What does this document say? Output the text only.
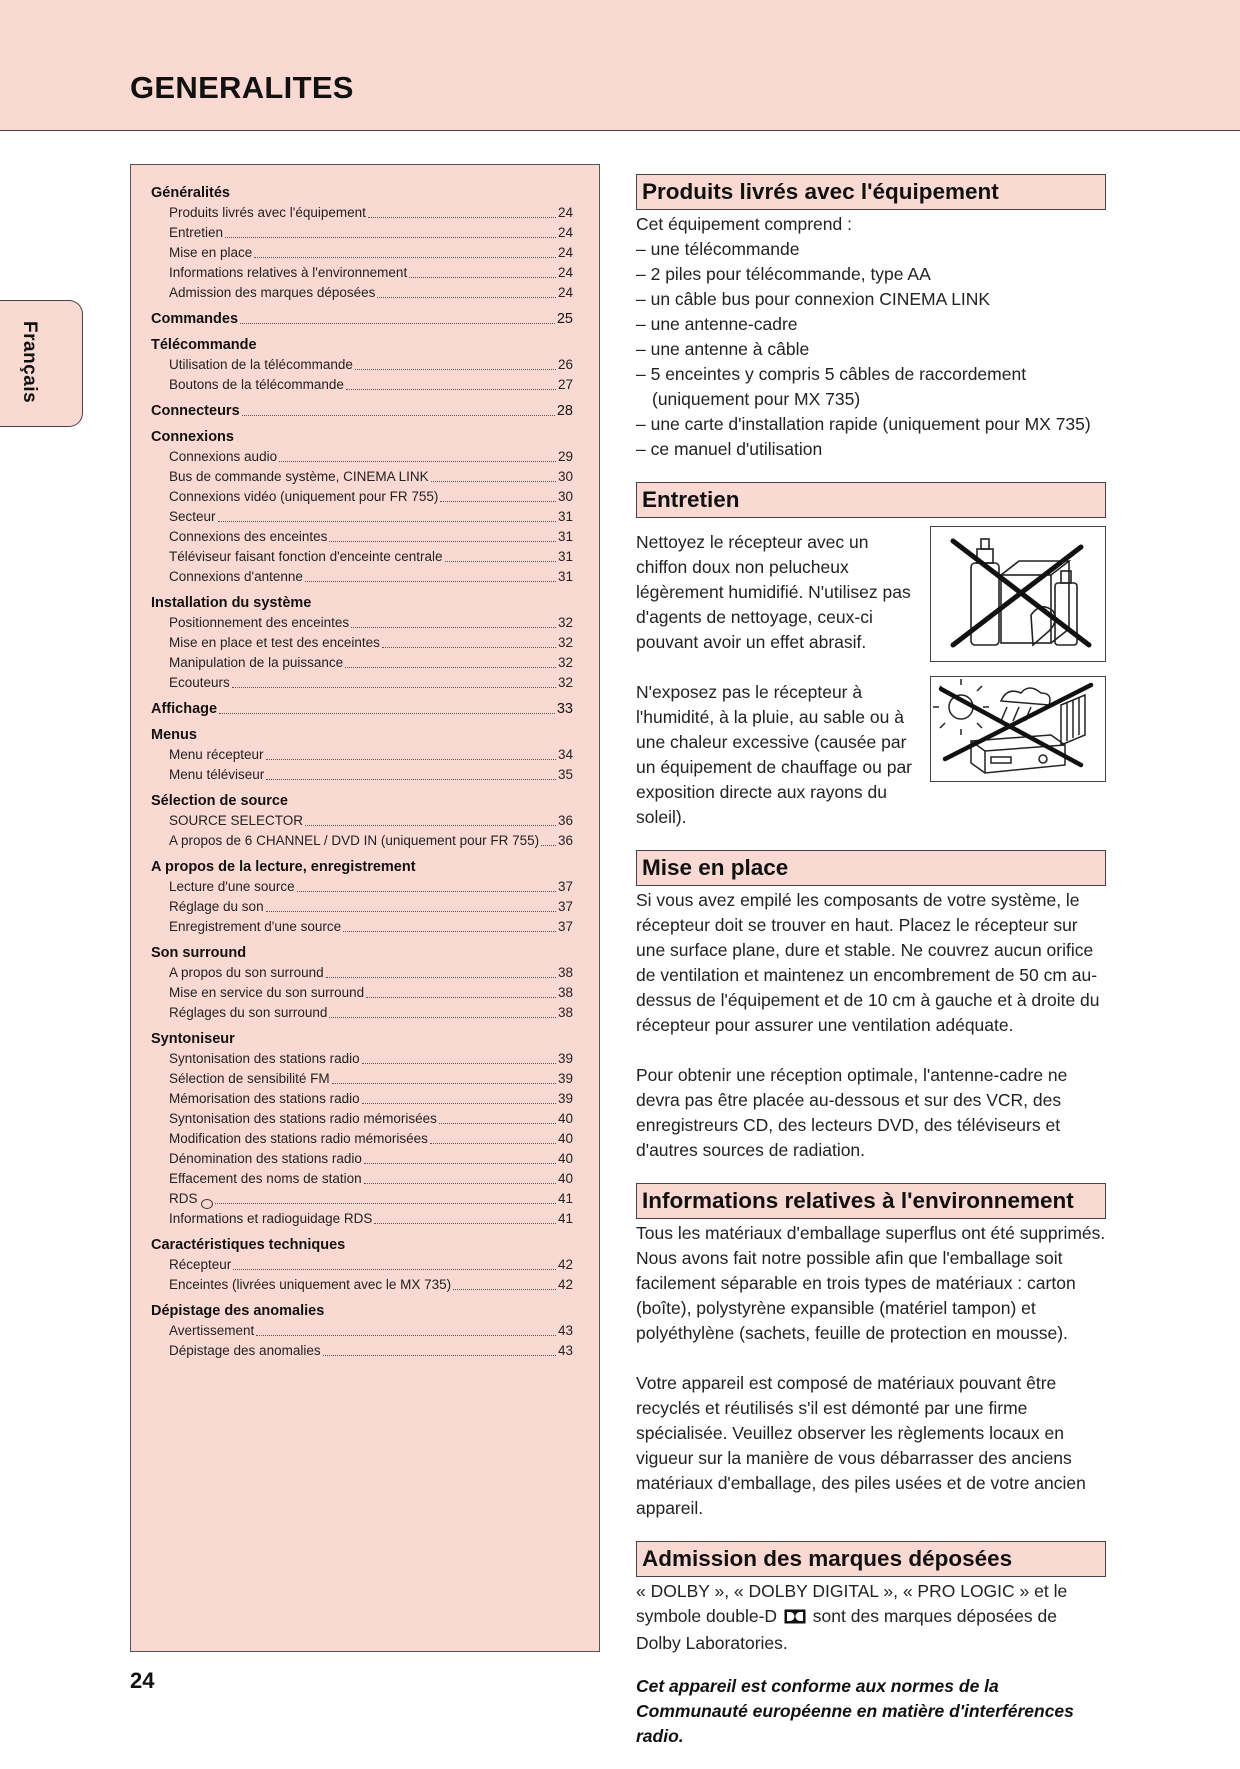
GENERALITES
Français
Généralités
Produits livrés avec l'équipement	24
Entretien	24
Mise en place	24
Informations relatives à l'environnement	24
Admission des marques déposées	24
Commandes	25
Télécommande
Utilisation de la télécommande	26
Boutons de la télécommande	27
Connecteurs	28
Connexions
Connexions audio	29
Bus de commande système, CINEMA LINK	30
Connexions vidéo (uniquement pour FR 755)	30
Secteur	31
Connexions des enceintes	31
Téléviseur faisant fonction d'enceinte centrale	31
Connexions d'antenne	31
Installation du système
Positionnement des enceintes	32
Mise en place et test des enceintes	32
Manipulation de la puissance	32
Ecouteurs	32
Affichage	33
Menus
Menu récepteur	34
Menu téléviseur	35
Sélection de source
SOURCE SELECTOR	36
A propos de 6 CHANNEL / DVD IN (uniquement pour FR 755) 36
A propos de la lecture, enregistrement
Lecture d'une source	37
Réglage du son	37
Enregistrement d'une source	37
Son surround
A propos du son surround	38
Mise en service du son surround	38
Réglages du son surround	38
Syntoniseur
Syntonisation des stations radio	39
Sélection de sensibilité FM	39
Mémorisation des stations radio	39
Syntonisation des stations radio mémorisées	40
Modification des stations radio mémorisées	40
Dénomination des stations radio	40
Effacement des noms de station	40
RDS	41
Informations et radioguidage RDS	41
Caractéristiques techniques
Récepteur	42
Enceintes (livrées uniquement avec le MX 735)	42
Dépistage des anomalies
Avertissement	43
Dépistage des anomalies	43
Produits livrés avec l'équipement
Cet équipement comprend :
– une télécommande
– 2 piles pour télécommande, type AA
– un câble bus pour connexion CINEMA LINK
– une antenne-cadre
– une antenne à câble
– 5 enceintes y compris 5 câbles de raccordement (uniquement pour MX 735)
– une carte d'installation rapide (uniquement pour MX 735)
– ce manuel d'utilisation
Entretien
Nettoyez le récepteur avec un chiffon doux non pelucheux légèrement humidifié. N'utilisez pas d'agents de nettoyage, ceux-ci pouvant avoir un effet abrasif.
N'exposez pas le récepteur à l'humidité, à la pluie, au sable ou à une chaleur excessive (causée par un équipement de chauffage ou par exposition directe aux rayons du soleil).
Mise en place

Si vous avez empilé les composants de votre système, le récepteur doit se trouver en haut. Placez le récepteur sur une surface plane, dure et stable. Ne couvrez aucun orifice de ventilation et maintenez un encombrement de 50 cm au-dessus de l'équipement et de 10 cm à gauche et à droite du récepteur pour assurer une ventilation adéquate.

Pour obtenir une réception optimale, l'antenne-cadre ne devra pas être placée au-dessous et sur des VCR, des enregistreurs CD, des lecteurs DVD, des téléviseurs et d'autres sources de radiation.

Informations relatives à l'environnement

Tous les matériaux d'emballage superflus ont été supprimés. Nous avons fait notre possible afin que l'emballage soit facilement séparable en trois types de matériaux : carton (boîte), polystyrène expansible (matériel tampon) et polyéthylène (sachets, feuille de protection en mousse).

Votre appareil est composé de matériaux pouvant être recyclés et réutilisés s'il est démonté par une firme spécialisée. Veuillez observer les règlements locaux en vigueur sur la manière de vous débarrasser des anciens matériaux d'emballage, des piles usées et de votre ancien appareil.

Admission des marques déposées
« DOLBY », « DOLBY DIGITAL », « PRO LOGIC » et le symbole double-D sont des marques déposées de Dolby Laboratories.
Cet appareil est conforme aux normes de la Communauté européenne en matière d'interférences radio.
24
